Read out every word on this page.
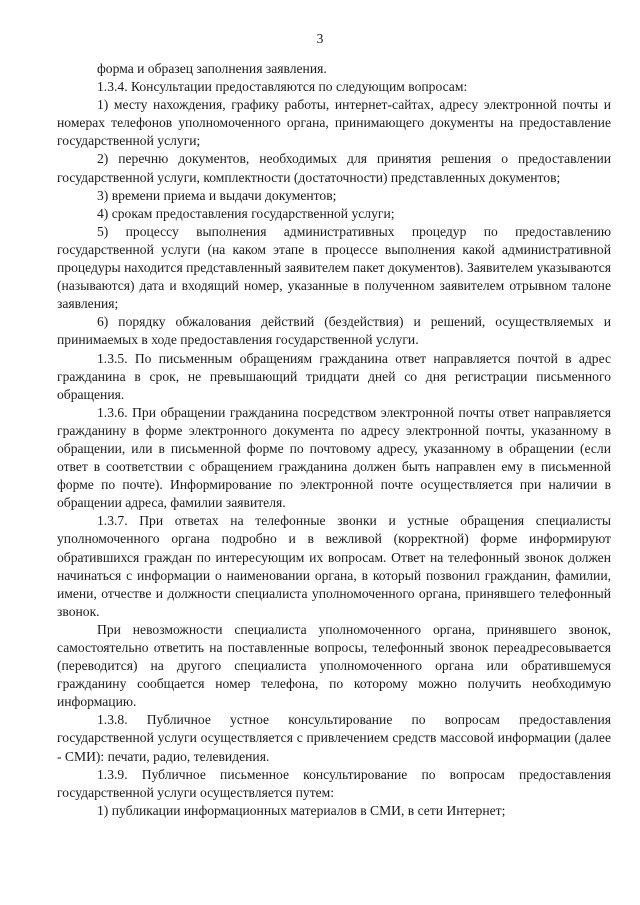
3

форма и образец заполнения заявления.

1.3.4. Консультации предоставляются по следующим вопросам:

1) месту нахождения, графику работы, интернет-сайтах, адресу электронной почты и номерах телефонов уполномоченного органа, принимающего документы на предоставление государственной услуги;

2) перечню документов, необходимых для принятия решения о предоставлении государственной услуги, комплектности (достаточности) представленных документов;

3) времени приема и выдачи документов;

4) срокам предоставления государственной услуги;

5) процессу выполнения административных процедур по предоставлению государственной услуги (на каком этапе в процессе выполнения какой административной процедуры находится представленный заявителем пакет документов). Заявителем указываются (называются) дата и входящий номер, указанные в полученном заявителем отрывном талоне заявления;

6) порядку обжалования действий (бездействия) и решений, осуществляемых и принимаемых в ходе предоставления государственной услуги.

1.3.5. По письменным обращениям гражданина ответ направляется почтой в адрес гражданина в срок, не превышающий тридцати дней со дня регистрации письменного обращения.

1.3.6. При обращении гражданина посредством электронной почты ответ направляется гражданину в форме электронного документа по адресу электронной почты, указанному в обращении, или в письменной форме по почтовому адресу, указанному в обращении (если ответ в соответствии с обращением гражданина должен быть направлен ему в письменной форме по почте). Информирование по электронной почте осуществляется при наличии в обращении адреса, фамилии заявителя.

1.3.7. При ответах на телефонные звонки и устные обращения специалисты уполномоченного органа подробно и в вежливой (корректной) форме информируют обратившихся граждан по интересующим их вопросам. Ответ на телефонный звонок должен начинаться с информации о наименовании органа, в который позвонил гражданин, фамилии, имени, отчестве и должности специалиста уполномоченного органа, принявшего телефонный звонок.

При невозможности специалиста уполномоченного органа, принявшего звонок, самостоятельно ответить на поставленные вопросы, телефонный звонок переадресовывается (переводится) на другого специалиста уполномоченного органа или обратившемуся гражданину сообщается номер телефона, по которому можно получить необходимую информацию.

1.3.8. Публичное устное консультирование по вопросам предоставления государственной услуги осуществляется с привлечением средств массовой информации (далее - СМИ): печати, радио, телевидения.

1.3.9. Публичное письменное консультирование по вопросам предоставления государственной услуги осуществляется путем:

1) публикации информационных материалов в СМИ, в сети Интернет;
